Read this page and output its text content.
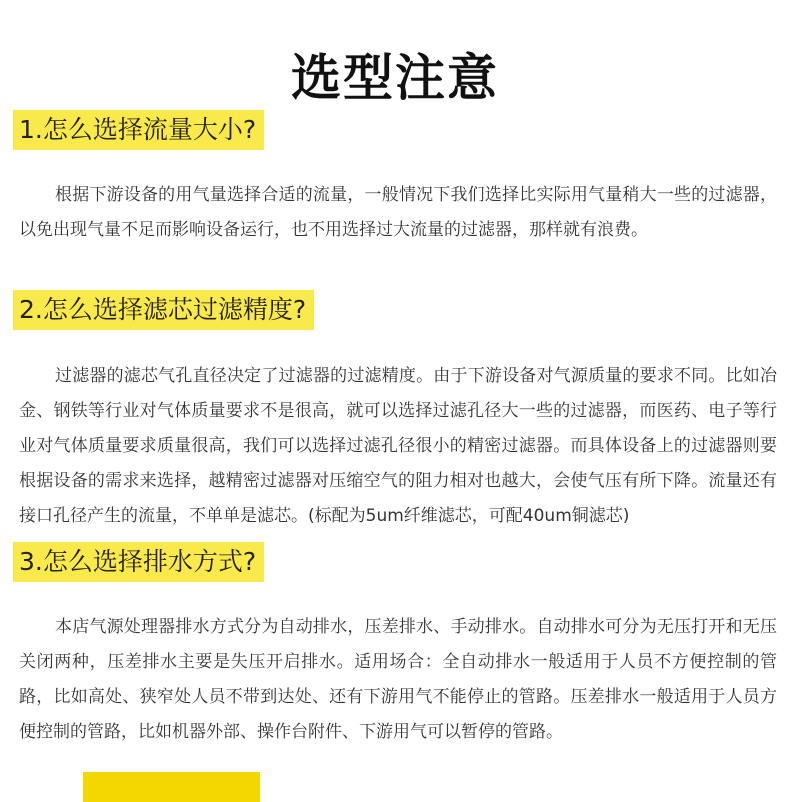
选型注意
1.怎么选择流量大小?

根据下游设备的用气量选择合适的流量，一般情况下我们选择比实际用气量稍大一些的过滤器，以免出现气量不足而影响设备运行，也不用选择过大流量的过滤器，那样就有浪费。

2.怎么选择滤芯过滤精度?

过滤器的滤芯气孔直径决定了过滤器的过滤精度。由于下游设备对气源质量的要求不同。比如冶金、钢铁等行业对气体质量要求不是很高，就可以选择过滤孔径大一些的过滤器，而医药、电子等行业对气体质量要求质量很高，我们可以选择过滤孔径很小的精密过滤器。而具体设备上的过滤器则要根据设备的需求来选择，越精密过滤器对压缩空气的阻力相对也越大，会使气压有所下降。流量还有接口孔径产生的流量，不单单是滤芯。(标配为5um纤维滤芯，可配40um铜滤芯)

3.怎么选择排水方式?

本店气源处理器排水方式分为自动排水，压差排水、手动排水。自动排水可分为无压打开和无压关闭两种，压差排水主要是失压开启排水。适用场合：全自动排水一般适用于人员不方便控制的管路，比如高处、狭窄处人员不带到达处、还有下游用气不能停止的管路。压差排水一般适用于人员方便控制的管路，比如机器外部、操作台附件、下游用气可以暂停的管路。
